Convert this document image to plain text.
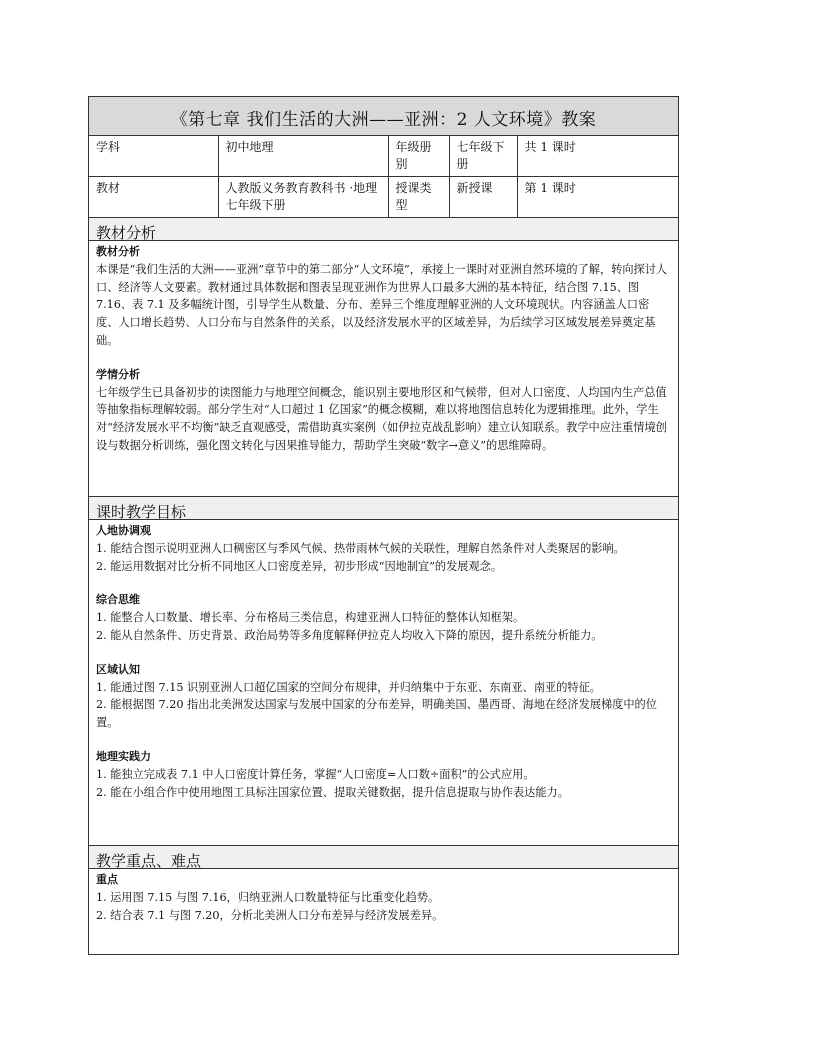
《第七章 我们生活的大洲——亚洲：2 人文环境》教案
学科	初中地理	年级册别	七年级下册	共 1 课时
教材	人教版义务教育教科书 ·地理七年级下册	授课类型	新授课	第 1 课时
教材分析
教材分析

本课是“我们生活的大洲——亚洲”章节中的第二部分“人文环境”，承接上一课时对亚洲自然环境的了解，转向探讨人口、经济等人文要素。教材通过具体数据和图表呈现亚洲作为世界人口最多大洲的基本特征，结合图 7.15、图 7.16、表 7.1 及多幅统计图，引导学生从数量、分布、差异三个维度理解亚洲的人文环境现状。内容涵盖人口密度、人口增长趋势、人口分布与自然条件的关系，以及经济发展水平的区域差异，为后续学习区域发展差异奠定基础。

学情分析

七年级学生已具备初步的读图能力与地理空间概念，能识别主要地形区和气候带，但对人口密度、人均国内生产总值等抽象指标理解较弱。部分学生对“人口超过 1 亿国家”的概念模糊，难以将地图信息转化为逻辑推理。此外，学生对“经济发展水平不均衡”缺乏直观感受，需借助真实案例（如伊拉克战乱影响）建立认知联系。教学中应注重情境创设与数据分析训练，强化图文转化与因果推导能力，帮助学生突破“数字→意义”的思维障碍。

课时教学目标
人地协调观

1. 能结合图示说明亚洲人口稠密区与季风气候、热带雨林气候的关联性，理解自然条件对人类聚居的影响。

2. 能运用数据对比分析不同地区人口密度差异，初步形成“因地制宜”的发展观念。

综合思维

1. 能整合人口数量、增长率、分布格局三类信息，构建亚洲人口特征的整体认知框架。

2. 能从自然条件、历史背景、政治局势等多角度解释伊拉克人均收入下降的原因，提升系统分析能力。

区域认知

1. 能通过图 7.15 识别亚洲人口超亿国家的空间分布规律，并归纳集中于东亚、东南亚、南亚的特征。

2. 能根据图 7.20 指出北美洲发达国家与发展中国家的分布差异，明确美国、墨西哥、海地在经济发展梯度中的位置。

地理实践力

1. 能独立完成表 7.1 中人口密度计算任务，掌握“人口密度=人口数÷面积”的公式应用。

2. 能在小组合作中使用地图工具标注国家位置、提取关键数据，提升信息提取与协作表达能力。

教学重点、难点
重点

1. 运用图 7.15 与图 7.16，归纳亚洲人口数量特征与比重变化趋势。

2. 结合表 7.1 与图 7.20，分析北美洲人口分布差异与经济发展差异。
